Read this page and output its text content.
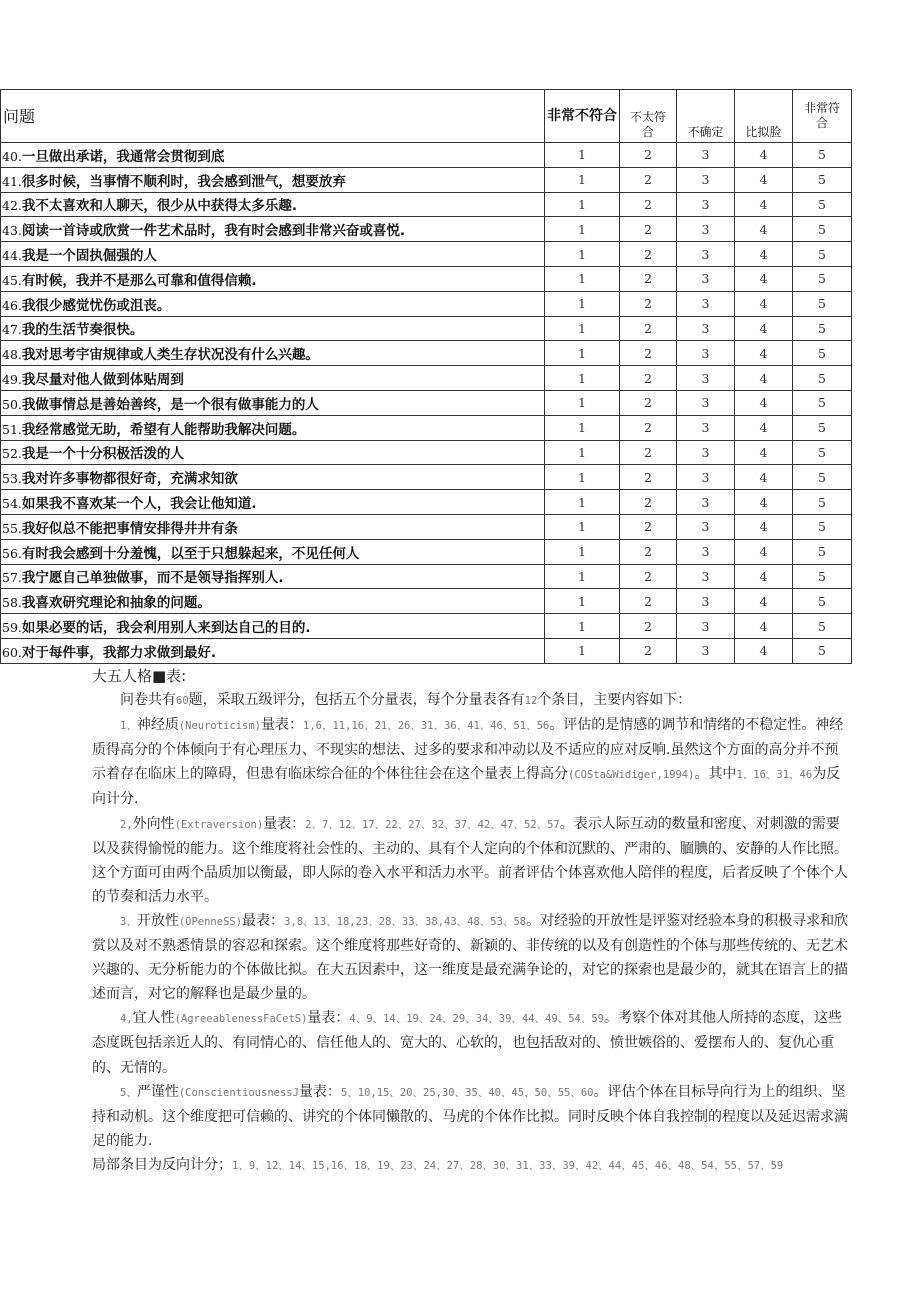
问题	非常不符合	不太符合	不确定	比拟脸	非常符合
40.一旦做出承诺，我通常会贯彻到底	1	2	3	4	5
41.很多时候，当事情不顺利时，我会感到泄气，想要放弃	1	2	3	4	5
42.我不太喜欢和人聊天，很少从中获得太多乐趣.	1	2	3	4	5
43.阅读一首诗或欣赏一件艺术品时，我有时会感到非常兴奋或喜悦.	1	2	3	4	5
44.我是一个固执倔强的人	1	2	3	4	5
45.有时候，我并不是那么可靠和值得信赖.	1	2	3	4	5
46.我很少感觉忧伤或沮丧。	1	2	3	4	5
47.我的生活节奏很快。	1	2	3	4	5
48.我对思考宇宙规律或人类生存状况没有什么兴趣。	1	2	3	4	5
49.我尽量对他人做到体贴周到	1	2	3	4	5
50.我做事情总是善始善终，是一个很有做事能力的人	1	2	3	4	5
51.我经常感觉无助，希望有人能帮助我解决问题。	1	2	3	4	5
52.我是一个十分积极活泼的人	1	2	3	4	5
53.我对许多事物都很好奇，充满求知欲	1	2	3	4	5
54.如果我不喜欢某一个人，我会让他知道.	1	2	3	4	5
55.我好似总不能把事情安排得井井有条	1	2	3	4	5
56.有时我会感到十分羞愧，以至于只想躲起来，不见任何人	1	2	3	4	5
57.我宁愿自己单独做事，而不是领导指挥别人.	1	2	3	4	5
58.我喜欢研究理论和抽象的问题。	1	2	3	4	5
59.如果必要的话，我会利用别人来到达自己的目的.	1	2	3	4	5
60.对于每件事，我都力求做到最好.	1	2	3	4	5

大五人格■表:

问卷共有60题，采取五级评分，包括五个分量表，每个分量表各有12个条目，主要内容如下：

1、神经质(Neuroticism)量表：1,6、11,16、21、26、31、36、41、46、51、56。评估的是情感的调节和情绪的不稳定性。神经质得高分的个体倾向于有心理压力、不现实的想法、过多的要求和冲动以及不适应的应对反响.虽然这个方面的高分并不预示着存在临床上的障碍，但患有临床综合征的个体往往会在这个量表上得高分(COSta&Widiger,1994)。其中1、16、31、46为反向计分.

2,外向性(Extraversion)量表：2、7、12、17、22、27、32、37、42、47、52、57。表示人际互动的数量和密度、对刺激的需要以及获得愉悦的能力。这个维度将社会性的、主动的、具有个人定向的个体和沉默的、严肃的、腼腆的、安静的人作比照。这个方面可由两个品质加以衡最，即人际的卷入水平和活力水平。前者评估个体喜欢他人陪伴的程度，后者反映了个体个人的节奏和活力水平。

3、开放性(OPenneSS)最表：3,8、13、18,23、28、33、38,43、48、53、58。对经验的开放性是评鉴对经验本身的积极寻求和欣赏以及对不熟悉情景的容忍和探索。这个维度将那些好奇的、新颖的、非传统的以及有创造性的个体与那些传统的、无艺术兴趣的、无分析能力的个体做比拟。在大五因素中，这一维度是最充满争论的，对它的探索也是最少的，就其在语言上的描述而言，对它的解释也是最少量的。

4,宜人性(AgreeablenessFaCetS)量表：4、9、14、19、24、29、34、39、44、49、54、59。考察个体对其他人所持的态度，这些态度既包括亲近人的、有同情心的、信任他人的、宽大的、心软的，也包括敌对的、愤世嫉俗的、爱摆布人的、复仇心重的、无情的。

5、严谨性(ConscientiousnessJ量表：5、10,15、20、25,30、35、40、45、50、55、60。评估个体在目标导向行为上的组织、坚持和动机。这个维度把可信赖的、讲究的个体同懒散的、马虎的个体作比拟。同时反映个体自我控制的程度以及延迟需求满足的能力.

局部条目为反向计分；1、9、12、14、15,16、18、19、23、24、27、28、30、31、33、39、42、44、45、46、48、54、55、57、59
